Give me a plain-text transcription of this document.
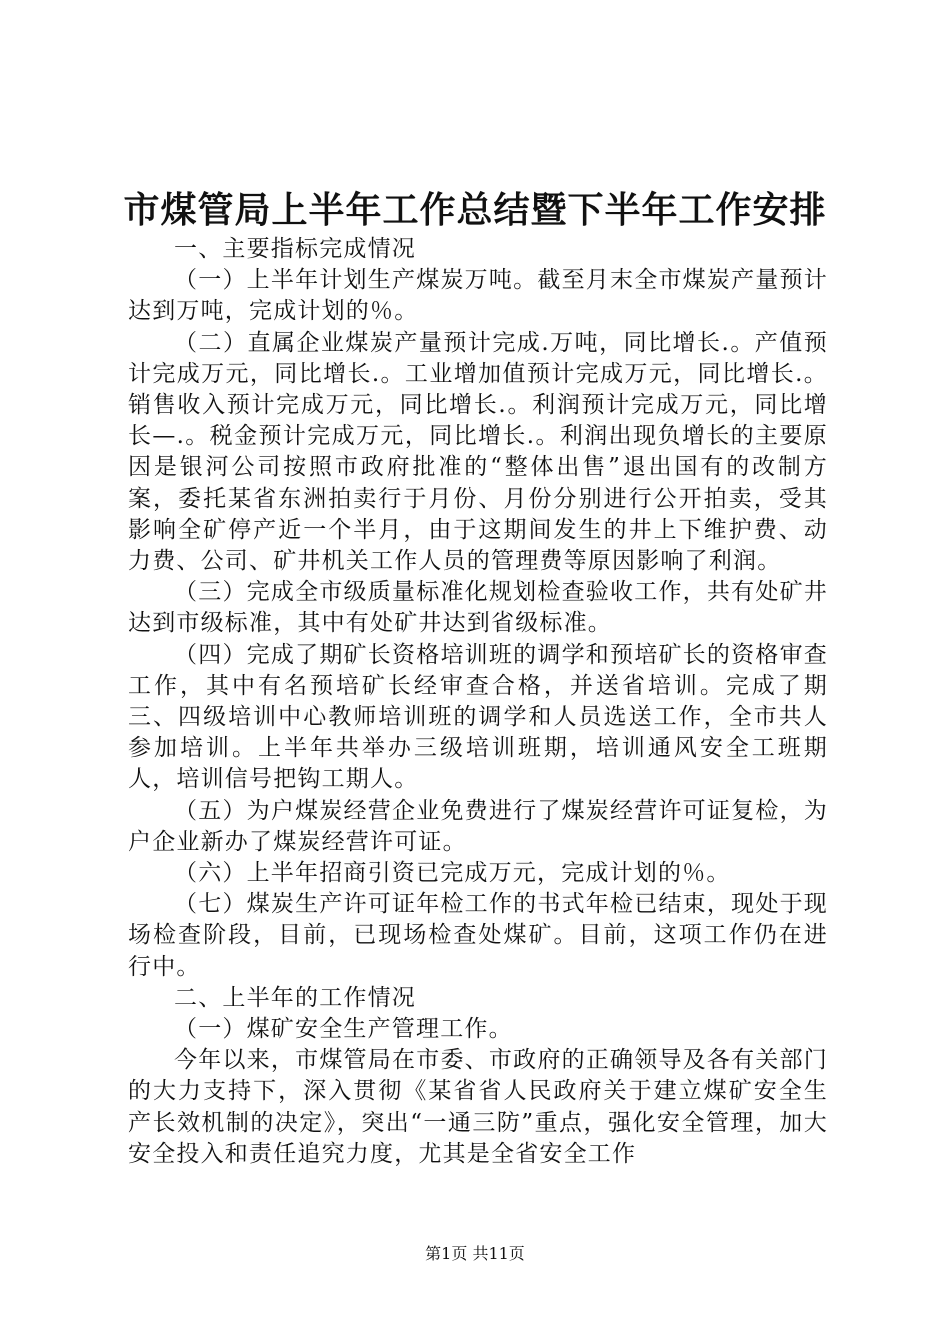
市煤管局上半年工作总结暨下半年工作安排

一、主要指标完成情况

（一）上半年计划生产煤炭万吨。截至月末全市煤炭产量预计达到万吨，完成计划的％。

（二）直属企业煤炭产量预计完成.万吨，同比增长.。产值预计完成万元，同比增长.。工业增加值预计完成万元，同比增长.。销售收入预计完成万元，同比增长.。利润预计完成万元，同比增长—.。税金预计完成万元，同比增长.。利润出现负增长的主要原因是银河公司按照市政府批准的“整体出售”退出国有的改制方案，委托某省东洲拍卖行于月份、月份分别进行公开拍卖，受其影响全矿停产近一个半月，由于这期间发生的井上下维护费、动力费、公司、矿井机关工作人员的管理费等原因影响了利润。

（三）完成全市级质量标准化规划检查验收工作，共有处矿井达到市级标准，其中有处矿井达到省级标准。

（四）完成了期矿长资格培训班的调学和预培矿长的资格审查工作，其中有名预培矿长经审查合格，并送省培训。完成了期三、四级培训中心教师培训班的调学和人员选送工作，全市共人参加培训。上半年共举办三级培训班期，培训通风安全工班期人，培训信号把钩工期人。

（五）为户煤炭经营企业免费进行了煤炭经营许可证复检，为户企业新办了煤炭经营许可证。

（六）上半年招商引资已完成万元，完成计划的％。

（七）煤炭生产许可证年检工作的书式年检已结束，现处于现场检查阶段，目前，已现场检查处煤矿。目前，这项工作仍在进行中。

二、上半年的工作情况

（一）煤矿安全生产管理工作。

今年以来，市煤管局在市委、市政府的正确领导及各有关部门的大力支持下，深入贯彻《某省省人民政府关于建立煤矿安全生产长效机制的决定》，突出“一通三防”重点，强化安全管理，加大安全投入和责任追究力度，尤其是全省安全工作

第1页 共11页
